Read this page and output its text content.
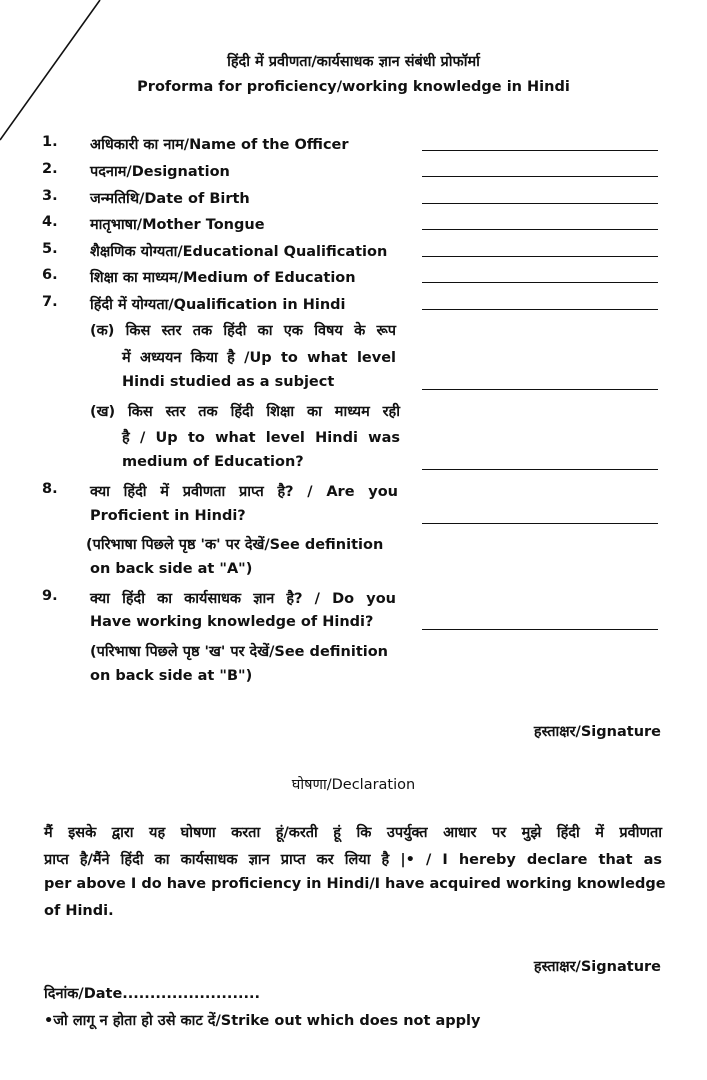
हिंदी में प्रवीणता/कार्यसाधक ज्ञान संबंधी प्रोफॉर्मा
Proforma for proficiency/working knowledge in Hindi
1. अधिकारी का नाम/Name of the Officer
2. पदनाम/Designation
3. जन्मतिथि/Date of Birth
4. मातृभाषा/Mother Tongue
5. शैक्षणिक योग्यता/Educational Qualification
6. शिक्षा का माध्यम/Medium of Education
7. हिंदी में योग्यता/Qualification in Hindi
(क) किस स्तर तक हिंदी का एक विषय के रूप
में अध्ययन किया है /Up to what level
Hindi studied as a subject
(ख) किस स्तर तक हिंदी शिक्षा का माध्यम रही
है / Up to what level Hindi was
medium of Education?
8. क्या हिंदी में प्रवीणता प्राप्त है? / Are you
Proficient in Hindi?
(परिभाषा पिछले पृष्ठ 'क' पर देखें/See definition
on back side at "A")
9. क्या हिंदी का कार्यसाधक ज्ञान है? / Do you
Have working knowledge of Hindi?
(परिभाषा पिछले पृष्ठ 'ख' पर देखें/See definition
on back side at "B")
हस्ताक्षर/Signature
घोषणा/Declaration
मैं इसके द्वारा यह घोषणा करता हूं/करती हूं कि उपर्युक्त आधार पर मुझे हिंदी में प्रवीणता
प्राप्त है/मैंने हिंदी का कार्यसाधक ज्ञान प्राप्त कर लिया है |• / I hereby declare that as
per above I do have proficiency in Hindi/I have acquired working knowledge
of Hindi.
हस्ताक्षर/Signature
दिनांक/Date.........................
•जो लागू न होता हो उसे काट दें/Strike out which does not apply
